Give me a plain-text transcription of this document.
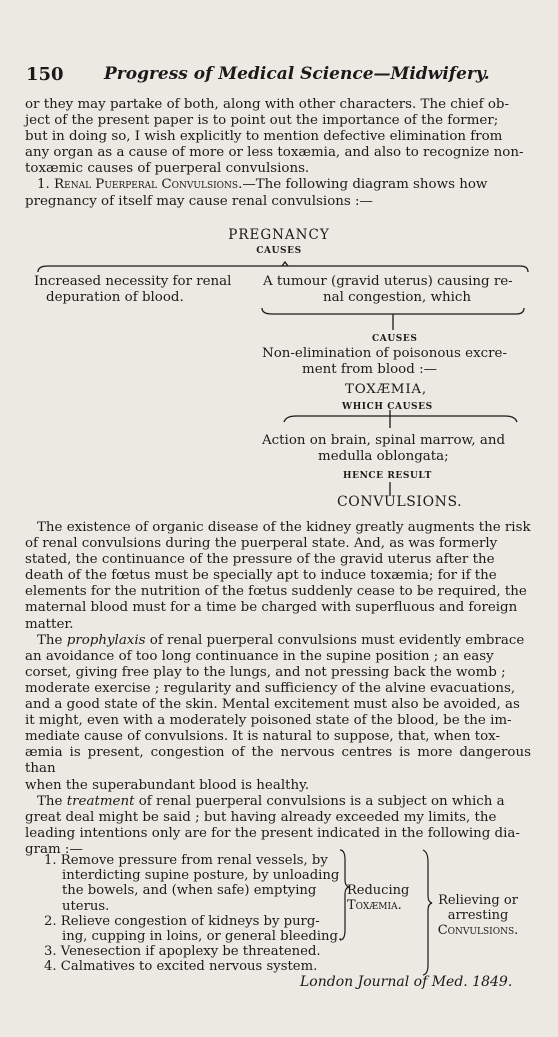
150 Progress of Medical Science—Midwifery.
or they may partake of both, along with other characters. The chief ob-
ject of the present paper is to point out the importance of the former;
but in doing so, I wish explicitly to mention defective elimination from
any organ as a cause of more or less toxæmia, and also to recognize non-
toxæmic causes of puerperal convulsions.
1. Renal Puerperal Convulsions.—The following diagram shows how
pregnancy of itself may cause renal convulsions :—
PREGNANCY
CAUSES
Increased necessity for renal
depuration of blood.
A tumour (gravid uterus) causing re-
nal congestion, which
CAUSES
Non-elimination of poisonous excre-
ment from blood :—
TOXÆMIA,
WHICH CAUSES
Action on brain, spinal marrow, and
medulla oblongata;
HENCE RESULT
CONVULSIONS.
The existence of organic disease of the kidney greatly augments the risk
of renal convulsions during the puerperal state. And, as was formerly
stated, the continuance of the pressure of the gravid uterus after the
death of the fœtus must be specially apt to induce toxæmia; for if the
elements for the nutrition of the fœtus suddenly cease to be required, the
maternal blood must for a time be charged with superfluous and foreign
matter.
The prophylaxis of renal puerperal convulsions must evidently embrace
an avoidance of too long continuance in the supine position ; an easy
corset, giving free play to the lungs, and not pressing back the womb ;
moderate exercise ; regularity and sufficiency of the alvine evacuations,
and a good state of the skin. Mental excitement must also be avoided, as
it might, even with a moderately poisoned state of the blood, be the im-
mediate cause of convulsions. It is natural to suppose, that, when tox-
æmia is present, congestion of the nervous centres is more dangerous than
when the superabundant blood is healthy.
The treatment of renal puerperal convulsions is a subject on which a
great deal might be said ; but having already exceeded my limits, the
leading intentions only are for the present indicated in the following dia-
gram :—
1. Remove pressure from renal vessels, by interdicting supine posture, by unloading the bowels, and (when safe) emptying uterus.
2. Relieve congestion of kidneys by purg-ing, cupping in loins, or general bleeding.
3. Venesection if apoplexy be threatened.
4. Calmatives to excited nervous system.
Reducing
Toxæmia.	Relieving or
arresting
Convulsions.
London Journal of Med. 1849.
